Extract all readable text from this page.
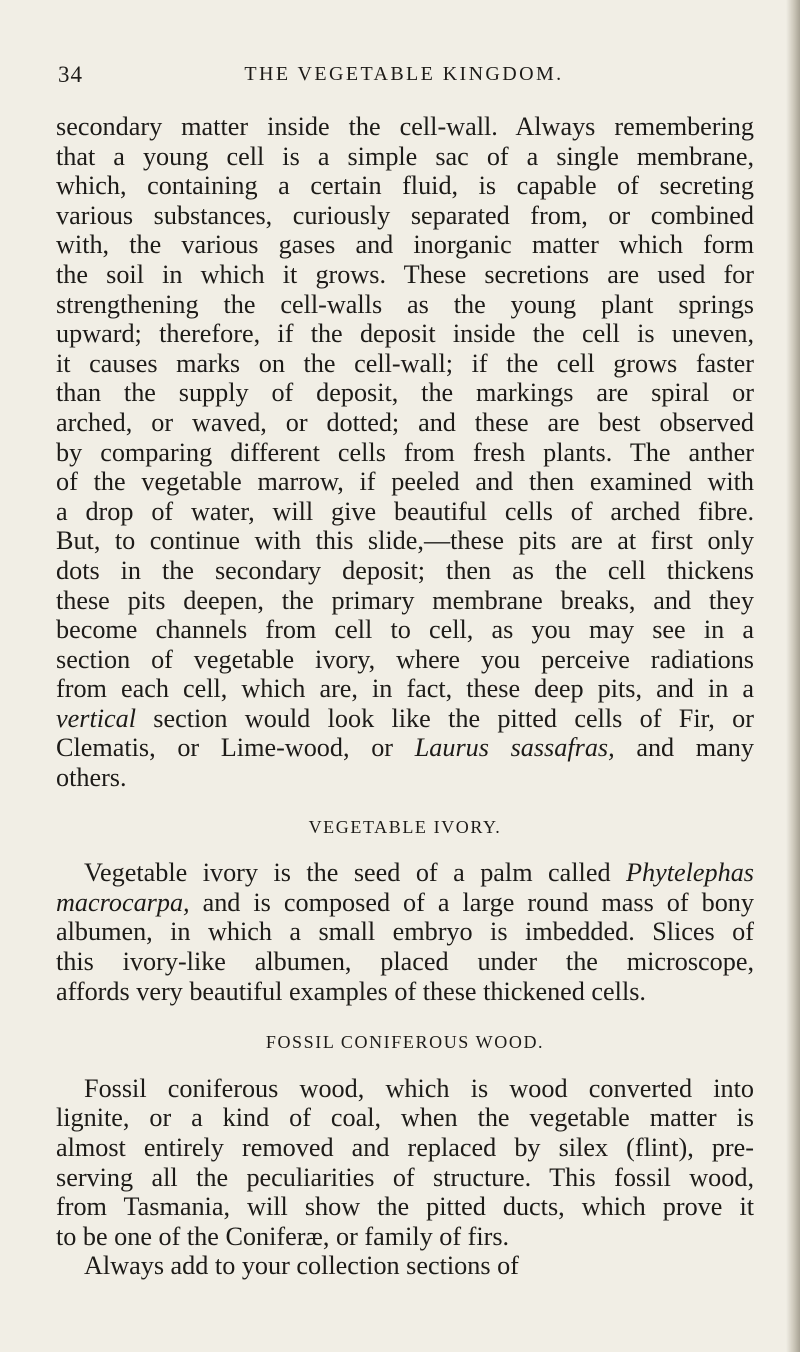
34	THE VEGETABLE KINGDOM.
secondary matter inside the cell-wall. Always remembering
that a young cell is a simple sac of a single membrane,
which, containing a certain fluid, is capable of secreting
various substances, curiously separated from, or combined
with, the various gases and inorganic matter which form
the soil in which it grows. These secretions are used for
strengthening the cell-walls as the young plant springs
upward; therefore, if the deposit inside the cell is uneven,
it causes marks on the cell-wall; if the cell grows faster
than the supply of deposit, the markings are spiral or
arched, or waved, or dotted; and these are best observed
by comparing different cells from fresh plants. The anther
of the vegetable marrow, if peeled and then examined with
a drop of water, will give beautiful cells of arched fibre.
But, to continue with this slide,—these pits are at first only
dots in the secondary deposit; then as the cell thickens
these pits deepen, the primary membrane breaks, and they
become channels from cell to cell, as you may see in a
section of vegetable ivory, where you perceive radiations
from each cell, which are, in fact, these deep pits, and in a
vertical section would look like the pitted cells of Fir, or
Clematis, or Lime-wood, or Laurus sassafras, and many
others.
VEGETABLE IVORY.
Vegetable ivory is the seed of a palm called Phytelephas
macrocarpa, and is composed of a large round mass of bony
albumen, in which a small embryo is imbedded. Slices of
this ivory-like albumen, placed under the microscope,
affords very beautiful examples of these thickened cells.
FOSSIL CONIFEROUS WOOD.
Fossil coniferous wood, which is wood converted into
lignite, or a kind of coal, when the vegetable matter is
almost entirely removed and replaced by silex (flint), pre-
serving all the peculiarities of structure. This fossil wood,
from Tasmania, will show the pitted ducts, which prove it
to be one of the Coniferæ, or family of firs.
Always add to your collection sections of
